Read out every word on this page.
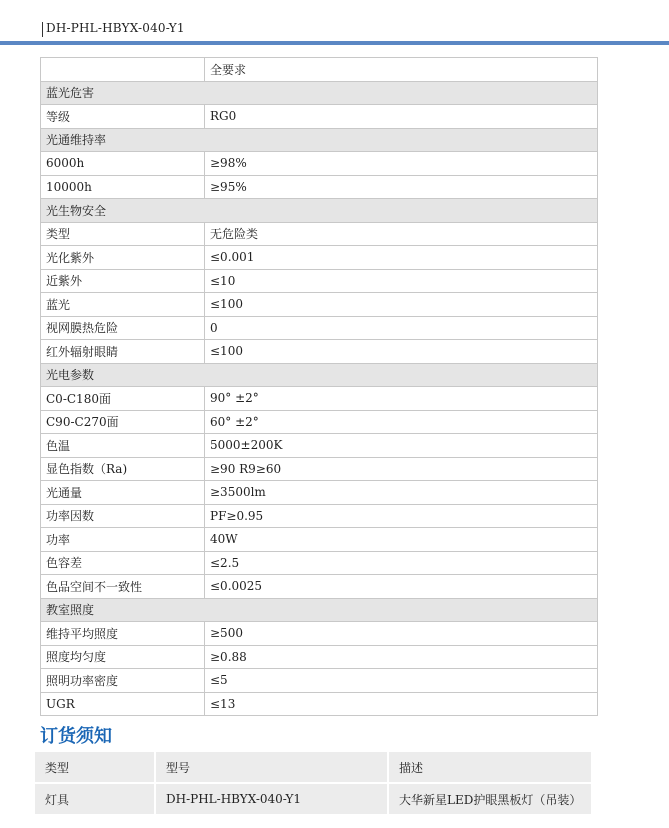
DH-PHL-HBYX-040-Y1
	全要求
蓝光危害	
等级	RG0
光通维持率	
6000h	≥98%
10000h	≥95%
光生物安全	
类型	无危险类
光化紫外	≤0.001
近紫外	≤10
蓝光	≤100
视网膜热危险	0
红外辐射眼睛	≤100
光电参数	
C0-C180面	90° ±2°
C90-C270面	60° ±2°
色温	5000±200K
显色指数（Ra)	≥90 R9≥60
光通量	≥3500lm
功率因数	PF≥0.95
功率	40W
色容差	≤2.5
色品空间不一致性	≤0.0025
教室照度	
维持平均照度	≥500
照度均匀度	≥0.88
照明功率密度	≤5
UGR	≤13
订货须知
类型	型号	描述
灯具	DH-PHL-HBYX-040-Y1	大华新星LED护眼黑板灯（吊装）
